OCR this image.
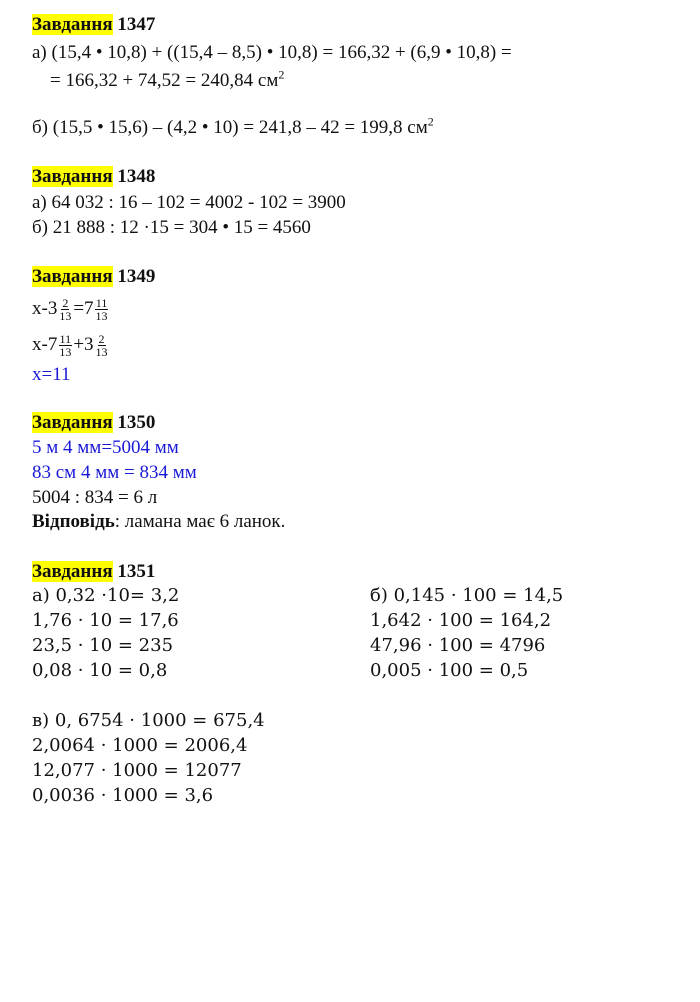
Завдання 1347
а) (15,4 • 10,8) + ((15,4 – 8,5) • 10,8) = 166,32 + (6,9 • 10,8) =
= 166,32 + 74,52 = 240,84 $см^2$
б) (15,5 • 15,6) – (4,2 • 10) = 241,8 – 42 = 199,8 $см^2$
Завдання 1348
а) 64 032 : 16 – 102 = 4002 - 102 = 3900
б) 21 888 : 12 ·15 = 304 • 15 = 4560
Завдання 1349
$x-3 \frac{2}{13} =7 \frac{11}{13}$
$x-7 \frac{11}{13} +3 \frac{2}{13}$
x=11
Завдання 1350
5 м 4 мм=5004 мм
83 см 4 мм = 834 мм
5004 : 834 = 6 л
Відповідь: ламана має 6 ланок.
Завдання 1351
а) 0,32 ·10= 3,2
1,76 · 10 = 17,6
23,5 · 10 = 235
0,08 · 10 = 0,8
б) 0,145 · 100 = 14,5
1,642 · 100 = 164,2
47,96 · 100 = 4796
0,005 · 100 = 0,5
в) 0, 6754 · 1000 = 675,4
2,0064 · 1000 = 2006,4
12,077 · 1000 = 12077
0,0036 · 1000 = 3,6
